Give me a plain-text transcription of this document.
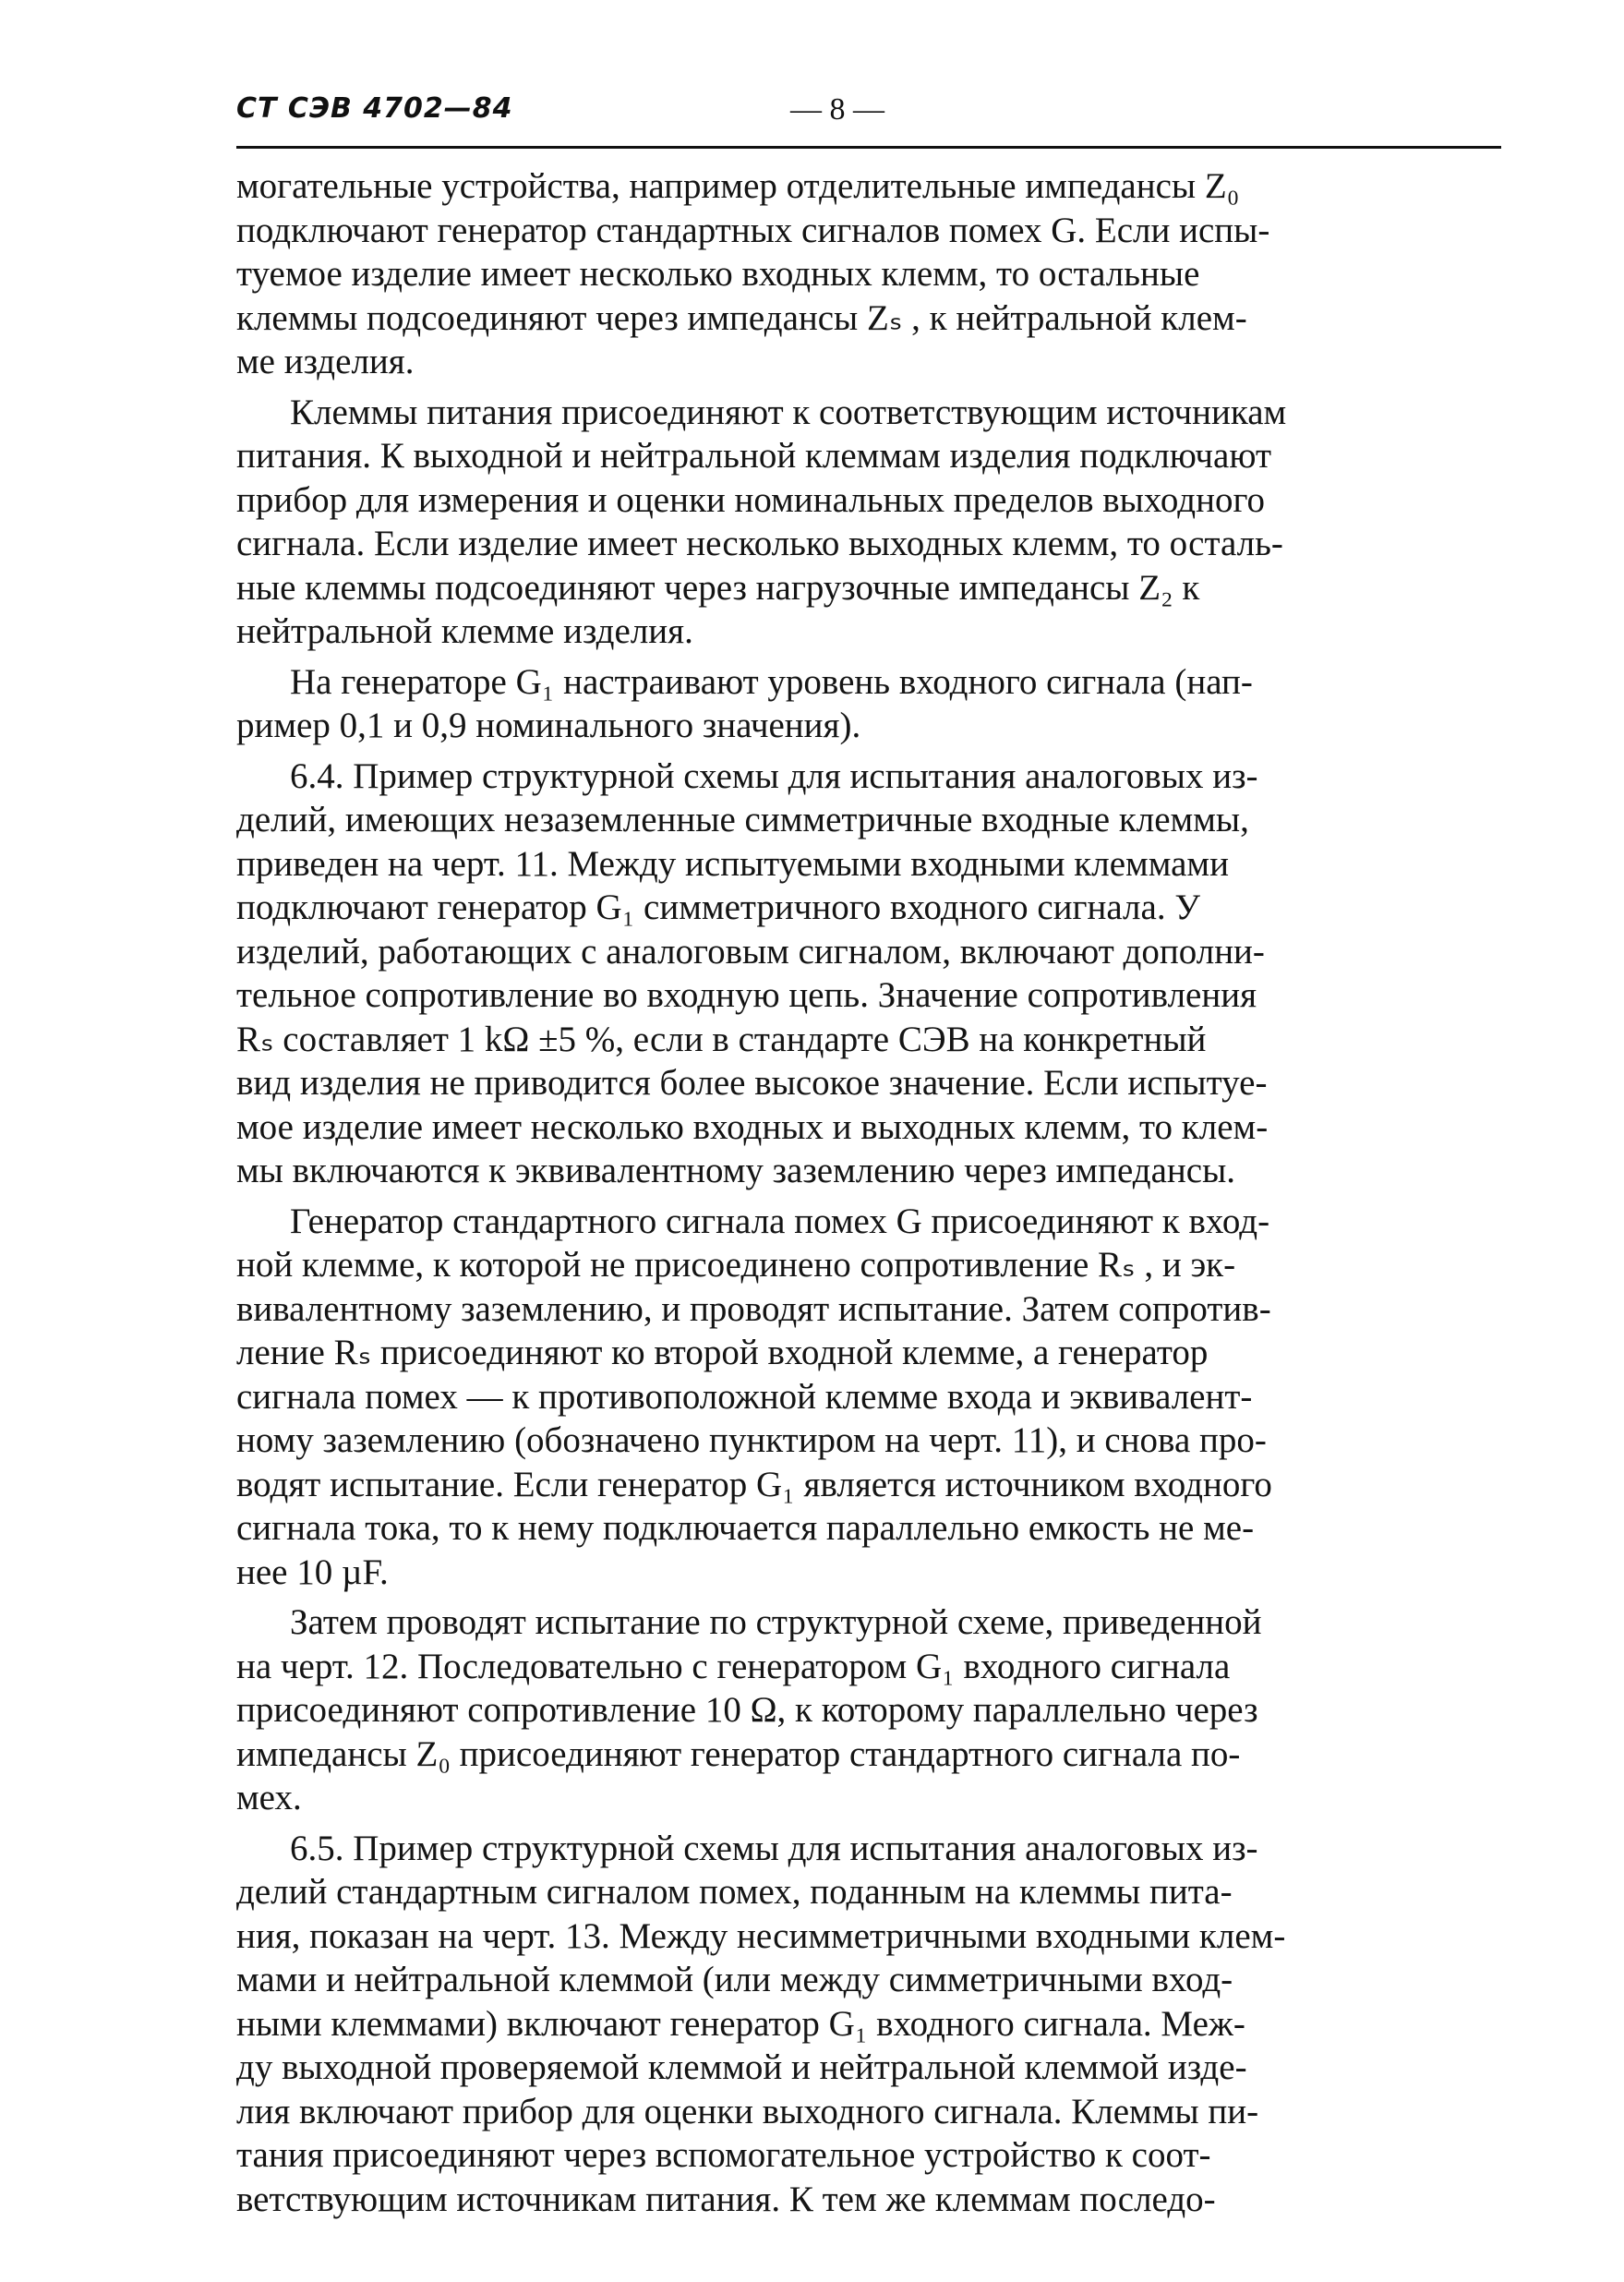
СТ СЭВ 4702—84	— 8 —
могательные устройства, например отделительные импедансы Z₀
подключают генератор стандартных сигналов помех G. Если испы-
туемое изделие имеет несколько входных клемм, то остальные
клеммы подсоединяют через импедансы Zₛ , к нейтральной клем-
ме изделия.
Клеммы питания присоединяют к соответствующим источникам
питания. К выходной и нейтральной клеммам изделия подключают
прибор для измерения и оценки номинальных пределов выходного
сигнала. Если изделие имеет несколько выходных клемм, то осталь-
ные клеммы подсоединяют через нагрузочные импедансы Z₂ к
нейтральной клемме изделия.
На генераторе G₁ настраивают уровень входного сигнала (нап-
ример 0,1 и 0,9 номинального значения).
6.4. Пример структурной схемы для испытания аналоговых из-
делий, имеющих незаземленные симметричные входные клеммы,
приведен на черт. 11. Между испытуемыми входными клеммами
подключают генератор G₁ симметричного входного сигнала. У
изделий, работающих с аналоговым сигналом, включают дополни-
тельное сопротивление во входную цепь. Значение сопротивления
Rₛ составляет 1 kΩ ±5 %, если в стандарте СЭВ на конкретный
вид изделия не приводится более высокое значение. Если испытуе-
мое изделие имеет несколько входных и выходных клемм, то клем-
мы включаются к эквивалентному заземлению через импедансы.
Генератор стандартного сигнала помех G присоединяют к вход-
ной клемме, к которой не присоединено сопротивление Rₛ , и эк-
вивалентному заземлению, и проводят испытание. Затем сопротив-
ление Rₛ присоединяют ко второй входной клемме, а генератор
сигнала помех — к противоположной клемме входа и эквивалент-
ному заземлению (обозначено пунктиром на черт. 11), и снова про-
водят испытание. Если генератор G₁ является источником входного
сигнала тока, то к нему подключается параллельно емкость не ме-
нее 10 µF.
Затем проводят испытание по структурной схеме, приведенной
на черт. 12. Последовательно с генератором G₁ входного сигнала
присоединяют сопротивление 10 Ω, к которому параллельно через
импедансы Z₀ присоединяют генератор стандартного сигнала по-
мех.
6.5. Пример структурной схемы для испытания аналоговых из-
делий стандартным сигналом помех, поданным на клеммы пита-
ния, показан на черт. 13. Между несимметричными входными клем-
мами и нейтральной клеммой (или между симметричными вход-
ными клеммами) включают генератор G₁ входного сигнала. Меж-
ду выходной проверяемой клеммой и нейтральной клеммой изде-
лия включают прибор для оценки выходного сигнала. Клеммы пи-
тания присоединяют через вспомогательное устройство к соот-
ветствующим источникам питания. К тем же клеммам последо-
